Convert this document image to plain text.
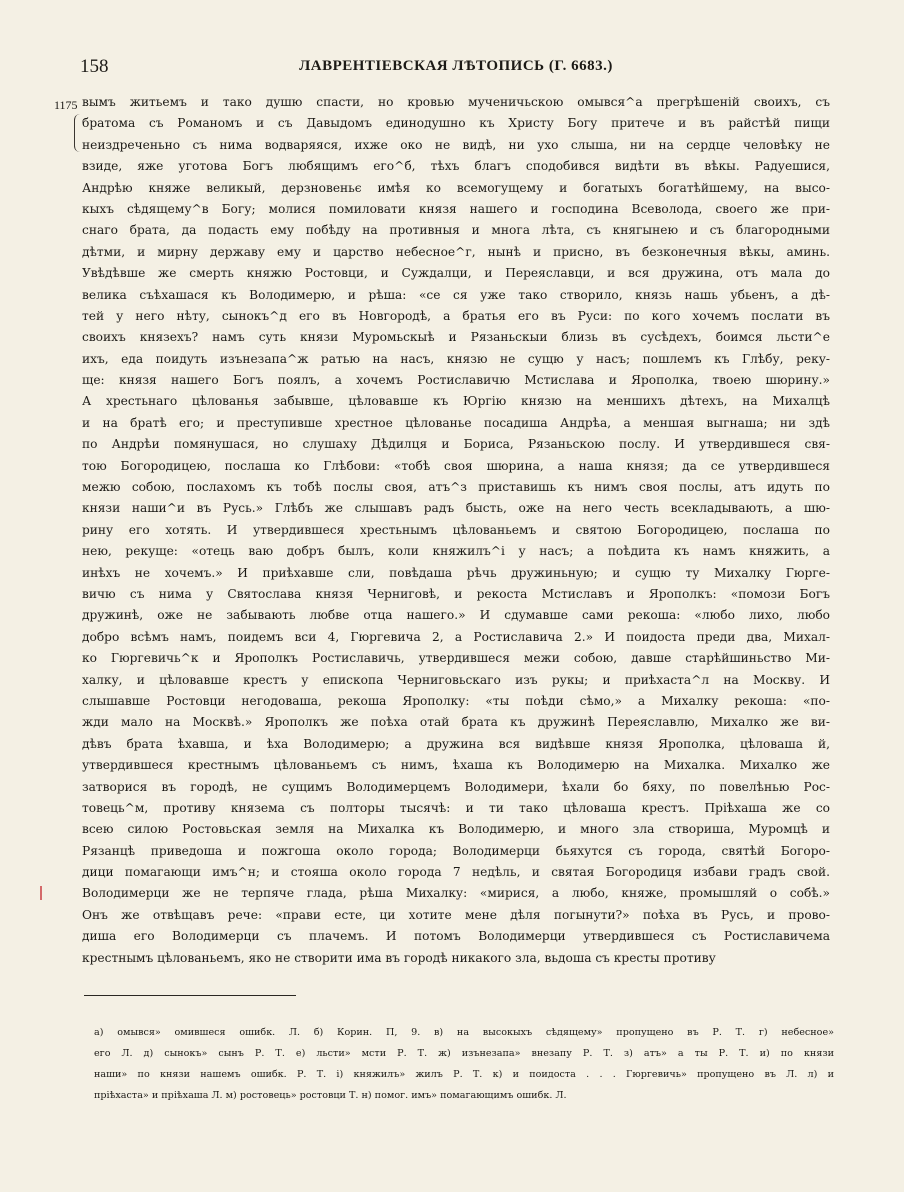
158	ЛАВРЕНТІЕВСКАЯ ЛѢТОПИСЬ (Г. 6683.)
1175 вымъ житьемъ и тако душю спасти, но кровью мученичьскою омывся^а прегрѣшеній своихъ, съ
братома съ Романомъ и съ Давыдомъ единодушно къ Христу Богу притече и въ райстѣй пищи
неиздреченьно съ нима водваряяся, ихже око не видѣ, ни ухо слыша, ни на сердце человѣку не
взиде, яже уготова Богъ любящимъ его^б, тѣхъ благъ сподобився видѣти въ вѣкы. Радуешися,
Андрѣю княже великый, дерзновеньє имѣя ко всемогущему и богатыхъ богатѣйшему, на высо-
кыхъ сѣдящему^в Богу; молися помиловати князя нашего и господина Всеволода, своего же при-
снаго брата, да подасть ему побѣду на противныя и многа лѣта, съ княгынею и съ благородными
дѣтми, и мирну державу ему и царство небесное^г, нынѣ и присно, въ безконечныя вѣкы, аминь.
Увѣдѣвше же смерть княжю Ростовци, и Суждалци, и Переяславци, и вся дружина, отъ мала до
велика съѣхашася къ Володимерю, и рѣша: «се ся уже тако створило, князь нашь убьенъ, а дѣ-
тей у него нѣту, сынокъ^д его въ Новгородѣ, а братья его въ Руси: по кого хочемъ послати въ
своихъ князехъ? намъ суть князи Муромьскыѣ и Рязаньскыи близь въ сусѣдехъ, боимся льсти^е
ихъ, еда поидуть изънезапа^ж ратью на насъ, князю не сущю у насъ; пошлемъ къ Глѣбу, реку-
ще: князя нашего Богъ поялъ, а хочемъ Ростиславичю Мстислава и Ярополка, твоею шюрину.»
А хрестьнаго цѣлованья забывше, цѣловавше къ Юргію князю на меншихъ дѣтехъ, на Михалцѣ
и на братѣ его; и преступивше хрестное цѣлованье посадиша Андрѣа, а меншая выгнаша; ни здѣ
по Андрѣи помянушася, но слушаху Дѣдилця и Бориса, Рязаньскою послу. И утвердившеся свя-
тою Богородицею, послаша ко Глѣбови: «тобѣ своя шюрина, а наша князя; да се утвердившеся
межю собою, послахомъ къ тобѣ послы своя, атъ^з приставишь къ нимъ своя послы, атъ идуть по
князи наши^и въ Русь.» Глѣбъ же слышавъ радъ бысть, оже на него честь всекладывають, а шю-
рину его хотять. И утвердившеся хрестьнымъ цѣлованьемъ и святою Богородицею, послаша по
нею, рекуще: «отець ваю добръ былъ, коли княжилъ^і у насъ; а поѣдита къ намъ княжить, а
инѣхъ не хочемъ.» И приѣхавше сли, повѣдаша рѣчь дружиньную; и сущю ту Михалку Гюрге-
вичю съ нима у Святослава князя Черниговѣ, и рекоста Мстиславъ и Ярополкъ: «помози Богъ
дружинѣ, оже не забывають любве отца нашего.» И сдумавше сами рекоша: «любо лихо, любо
добро всѣмъ намъ, поидемъ вси 4, Гюргевича 2, а Ростиславича 2.» И поидоста преди два, Михал-
ко Гюргевичь^к и Ярополкъ Ростиславичь, утвердившеся межи собою, давше старѣйшиньство Ми-
халку, и цѣловавше крестъ у епископа Черниговьскаго изъ рукы; и приѣхаста^л на Москву. И
слышавше Ростовци негодоваша, рекоша Ярополку: «ты поѣди сѣмо,» а Михалку рекоша: «по-
жди мало на Москвѣ.» Ярополкъ же поѣха отай брата къ дружинѣ Переяславлю, Михалко же ви-
дѣвъ брата ѣхавша, и ѣха Володимерю; а дружина вся видѣвше князя Ярополка, цѣловаша й,
утвердившеся крестнымъ цѣлованьемъ съ нимъ, ѣхаша къ Володимерю на Михалка. Михалко же
затворися въ городѣ, не сущимъ Володимерцемъ Володимери, ѣхали бо бяху, по повелѣнью Рос-
товець^м, противу князема съ полторы тысячѣ: и ти тако цѣловаша крестъ. Пріѣхаша же со
всею силою Ростовьская земля на Михалка къ Володимерю, и много зла створиша, Муромцѣ и
Рязанцѣ приведоша и пожгоша около города; Володимерци бьяхутся съ города, святѣй Богоро-
дици помагающи имъ^н; и стояша около города 7 недѣль, и святая Богородиця избави градъ свой.
Володимерци же не терпяче глада, рѣша Михалку: «мирися, а любо, княже, промышляй о собѣ.»
Онъ же отвѣщавъ рече: «прави есте, ци хотите мене дѣля погынути?» поѣха въ Русь, и прово-
диша его Володимерци съ плачемъ. И потомъ Володимерци утвердившеся съ Ростиславичема
крестнымъ цѣлованьемъ, яко не створити има въ городѣ никакого зла, вьдоша съ кресты противу
а) омывся» омившеся ошибк. Л. б) Корин. П, 9. в) на высокыхъ сѣдящему» пропущено въ Р. Т. г) небесное»
его Л. д) сынокъ» сынъ Р. Т. е) льсти» мсти Р. Т. ж) изънезапа» внезапу Р. Т. з) атъ» а ты Р. Т. и) по князи
наши» по князи нашемъ ошибк. Р. Т. і) княжилъ» жилъ Р. Т. к) и поидоста . . . Гюргевичь» пропущено въ Л. л) и
пріѣхаста» и пріѣхаша Л. м) ростовець» ростовци Т. н) помог. имъ» помагающимъ ошибк. Л.
